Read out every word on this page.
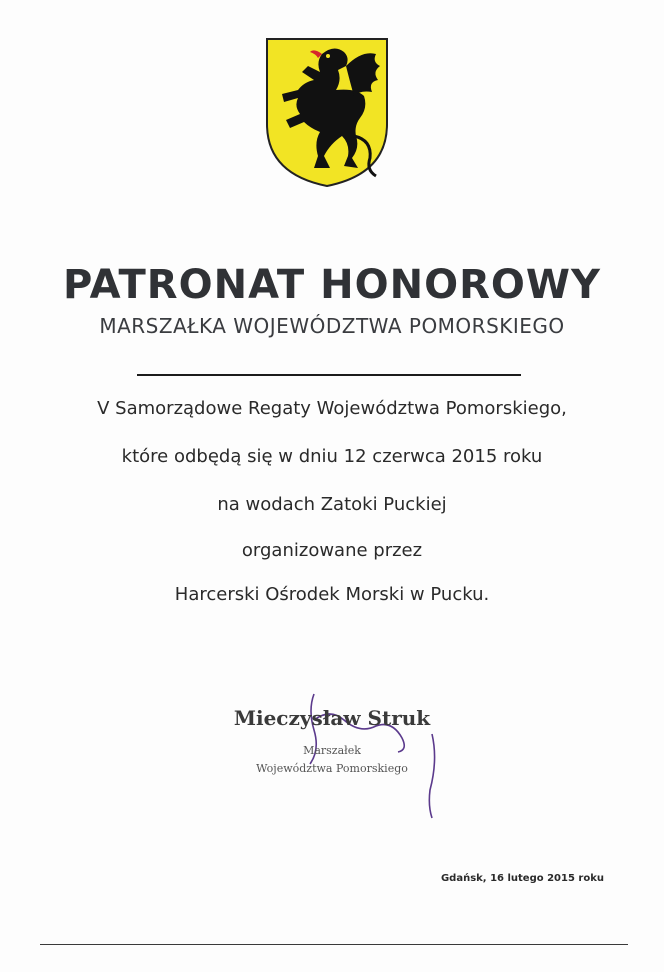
PATRONAT HONOROWY
MARSZAŁKA WOJEWÓDZTWA POMORSKIEGO
V Samorządowe Regaty Województwa Pomorskiego,
które odbędą się w dniu 12 czerwca 2015 roku
na wodach Zatoki Puckiej
organizowane przez
Harcerski Ośrodek Morski w Pucku.
Mieczysław Struk
Marszałek
Województwa Pomorskiego
Gdańsk, 16 lutego 2015 roku
